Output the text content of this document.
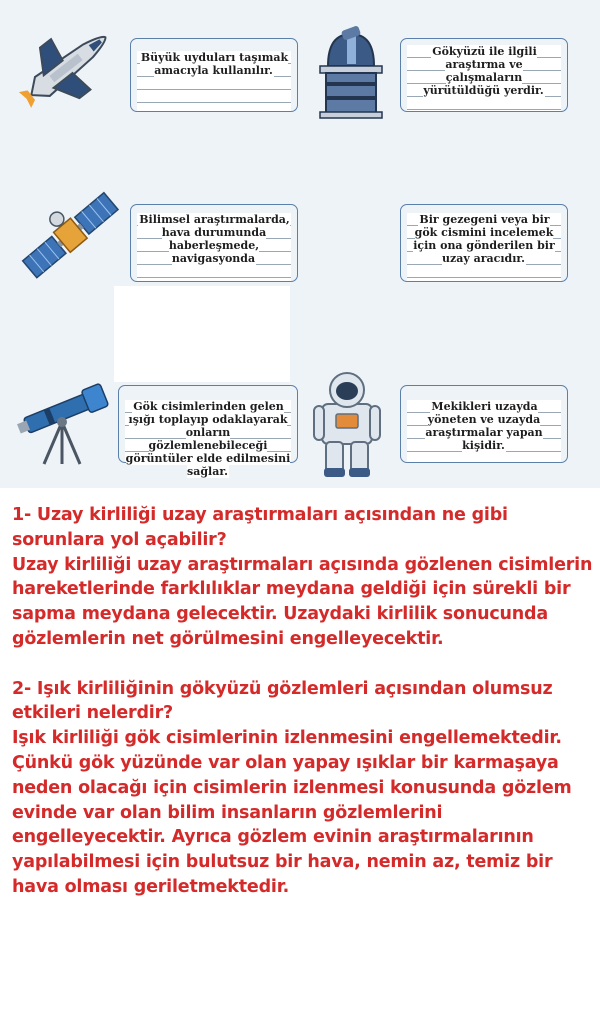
Büyük uyduları taşımak amacıyla kullanılır.
Gökyüzü ile ilgili araştırma ve çalışmaların yürütüldüğü yerdir.
Bilimsel araştırmalarda, hava durumunda haberleşmede, navigasyonda
Bir gezegeni veya bir gök cismini incelemek için ona gönderilen bir uzay aracıdır.
Gök cisimlerinden gelen ışığı toplayıp odaklayarak onların gözlemlenebileceği görüntüler elde edilmesini sağlar.
Mekikleri uzayda yöneten ve uzayda araştırmalar yapan kişidir.

1- Uzay kirliliği uzay araştırmaları açısından ne gibi sorunlara yol açabilir?

Uzay kirliliği uzay araştırmaları açısında gözlenen cisimlerin hareketlerinde farklılıklar meydana geldiği için sürekli bir sapma meydana gelecektir. Uzaydaki kirlilik sonucunda gözlemlerin net görülmesini engelleyecektir.

2- Işık kirliliğinin gökyüzü gözlemleri açısından olumsuz etkileri nelerdir?

Işık kirliliği gök cisimlerinin izlenmesini engellemektedir. Çünkü gök yüzünde var olan yapay ışıklar bir karmaşaya neden olacağı için cisimlerin izlenmesi konusunda gözlem evinde var olan bilim insanların gözlemlerini engelleyecektir. Ayrıca gözlem evinin araştırmalarının yapılabilmesi için bulutsuz bir hava, nemin az, temiz bir hava olması geriletmektedir.
